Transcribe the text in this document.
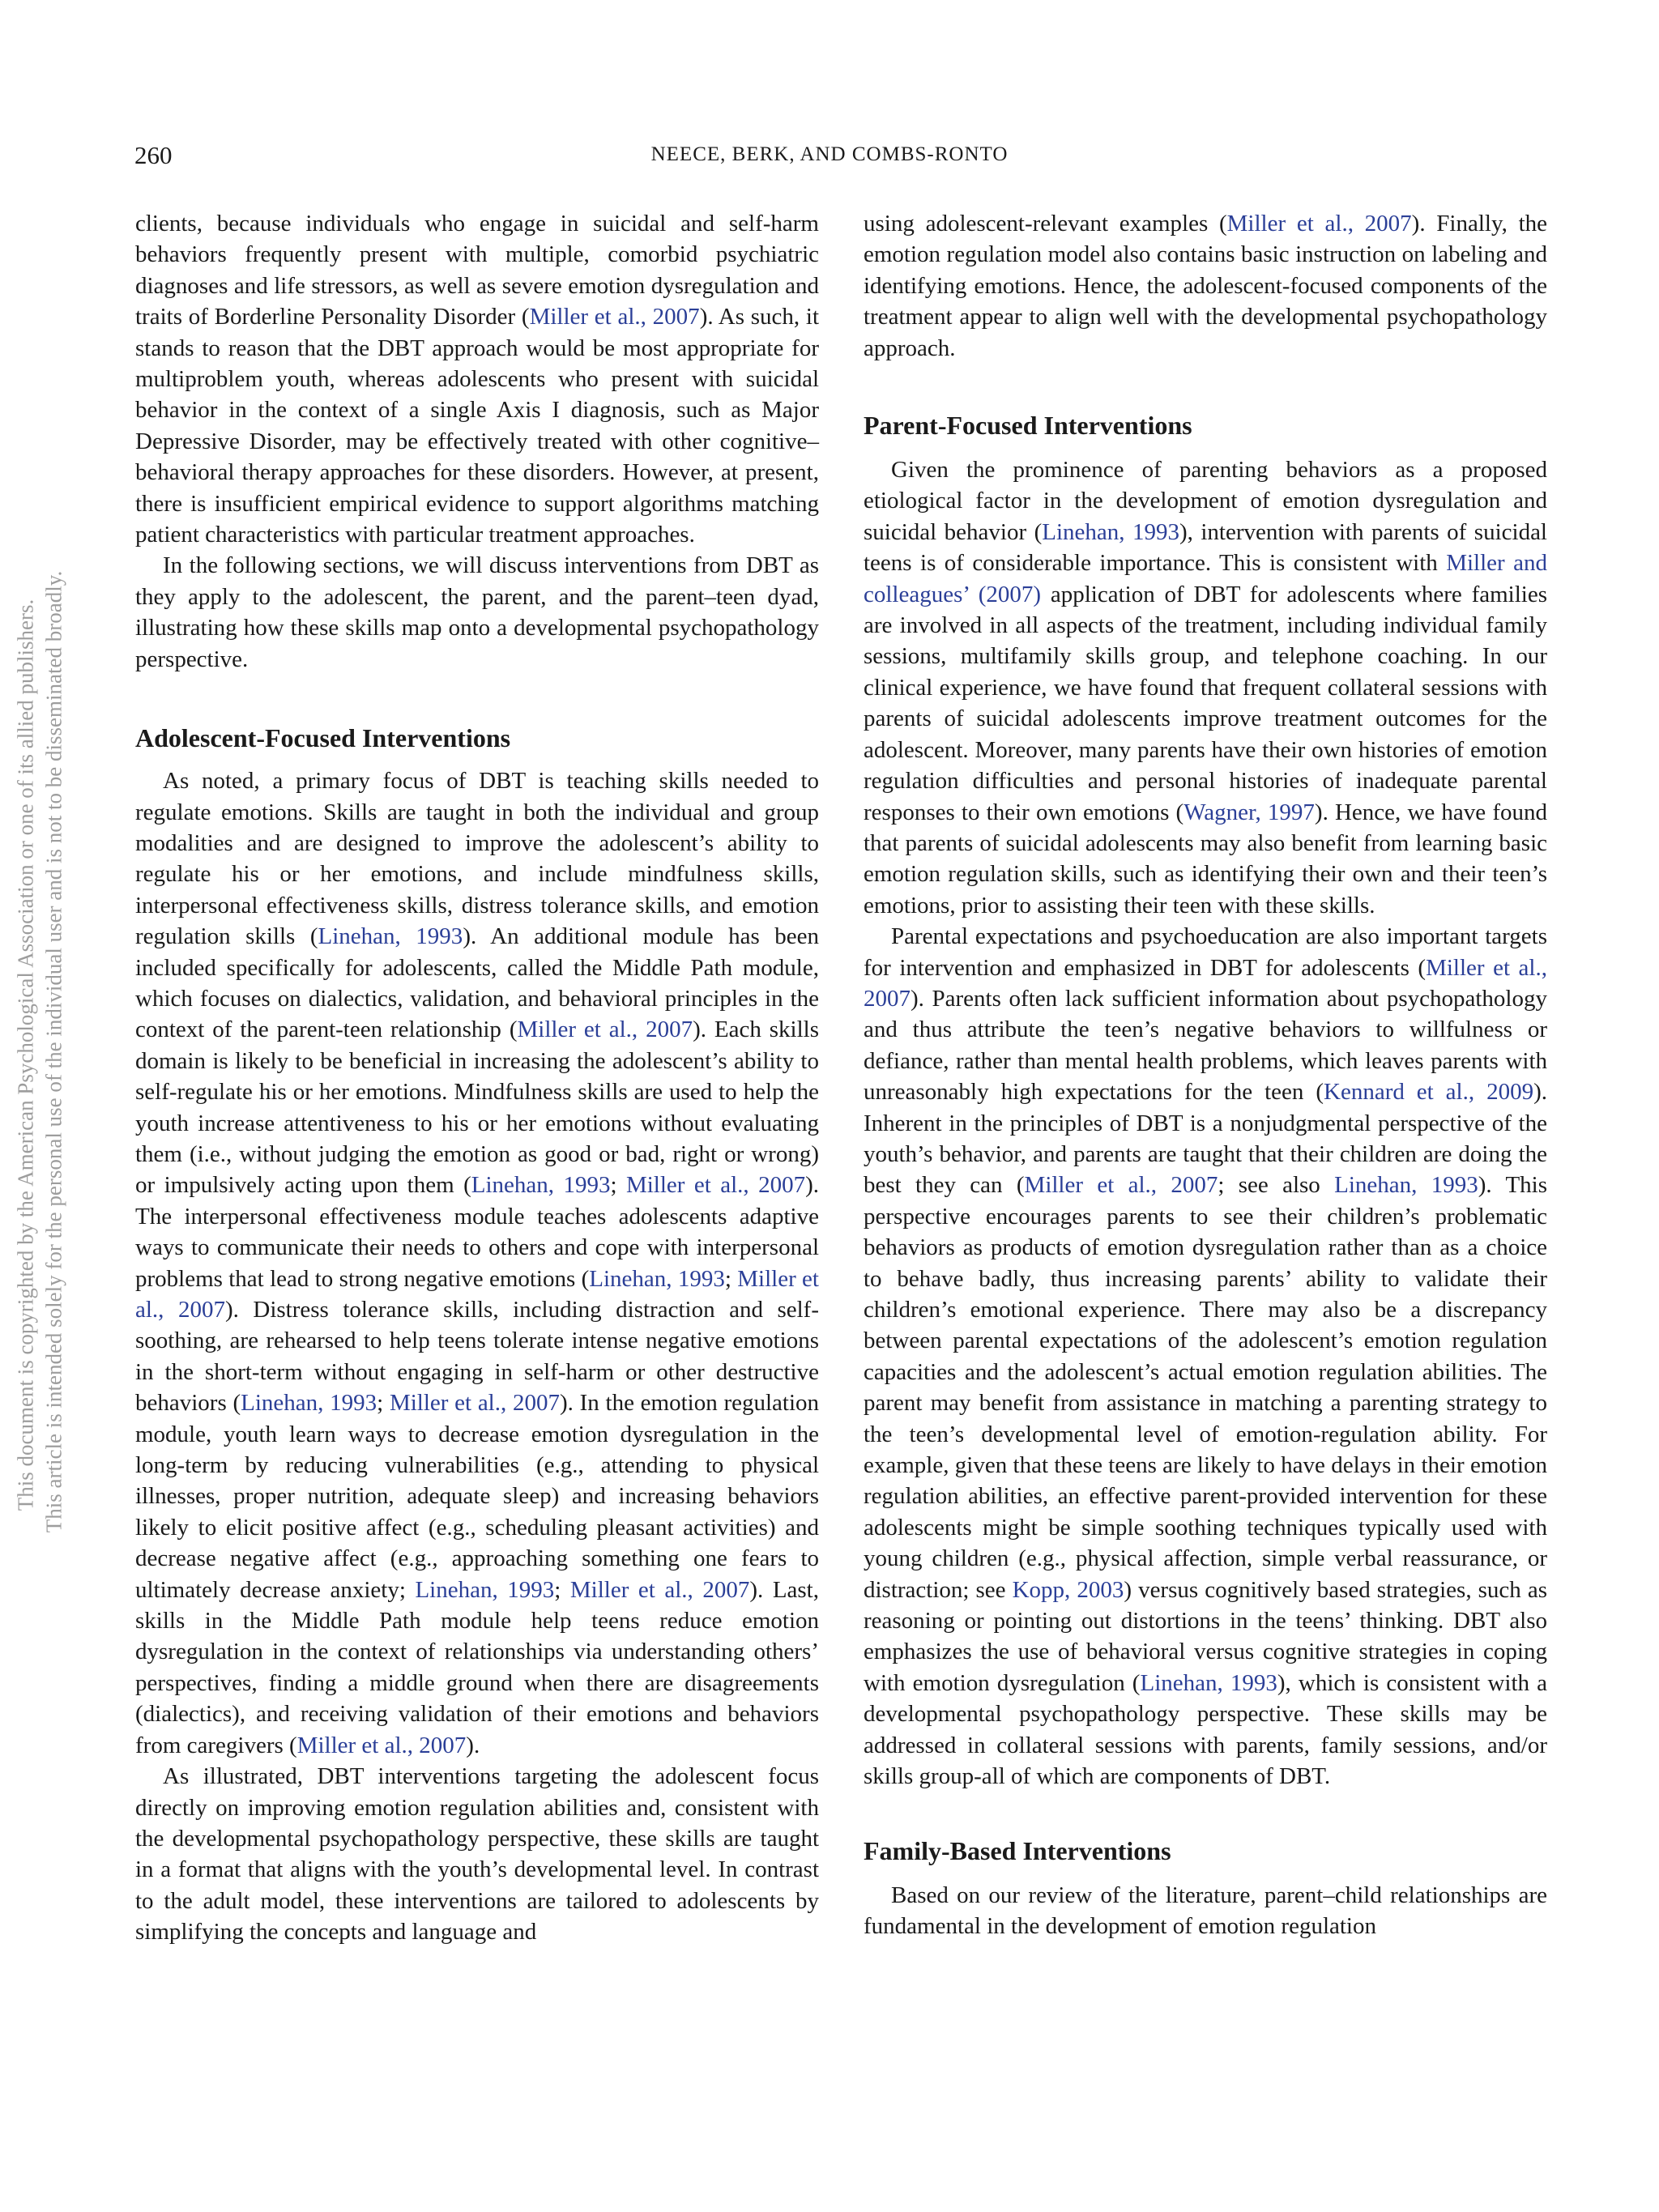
260	NEECE, BERK, AND COMBS-RONTO
This document is copyrighted by the American Psychological Association or one of its allied publishers. This article is intended solely for the personal use of the individual user and is not to be disseminated broadly.

clients, because individuals who engage in suicidal and self-harm behaviors frequently present with multiple, comorbid psychiatric diagnoses and life stressors, as well as severe emotion dysregulation and traits of Borderline Personality Disorder (Miller et al., 2007). As such, it stands to reason that the DBT approach would be most appropriate for multiproblem youth, whereas adolescents who present with suicidal behavior in the context of a single Axis I diagnosis, such as Major Depressive Disorder, may be effectively treated with other cognitive–behavioral therapy approaches for these disorders. However, at present, there is insufficient empirical evidence to support algorithms matching patient characteristics with particular treatment approaches.

In the following sections, we will discuss interventions from DBT as they apply to the adolescent, the parent, and the parent–teen dyad, illustrating how these skills map onto a developmental psychopathology perspective.

Adolescent-Focused Interventions

As noted, a primary focus of DBT is teaching skills needed to regulate emotions. Skills are taught in both the individual and group modalities and are designed to improve the adolescent’s ability to regulate his or her emotions, and include mindfulness skills, interpersonal effectiveness skills, distress tolerance skills, and emotion regulation skills (Linehan, 1993). An additional module has been included specifically for adolescents, called the Middle Path module, which focuses on dialectics, validation, and behavioral principles in the context of the parent-teen relationship (Miller et al., 2007). Each skills domain is likely to be beneficial in increasing the adolescent’s ability to self-regulate his or her emotions. Mindfulness skills are used to help the youth increase attentiveness to his or her emotions without evaluating them (i.e., without judging the emotion as good or bad, right or wrong) or impulsively acting upon them (Linehan, 1993; Miller et al., 2007). The interpersonal effectiveness module teaches adolescents adaptive ways to communicate their needs to others and cope with interpersonal problems that lead to strong negative emotions (Linehan, 1993; Miller et al., 2007). Distress tolerance skills, including distraction and self-soothing, are rehearsed to help teens tolerate intense negative emotions in the short-term without engaging in self-harm or other destructive behaviors (Linehan, 1993; Miller et al., 2007). In the emotion regulation module, youth learn ways to decrease emotion dysregulation in the long-term by reducing vulnerabilities (e.g., attending to physical illnesses, proper nutrition, adequate sleep) and increasing behaviors likely to elicit positive affect (e.g., scheduling pleasant activities) and decrease negative affect (e.g., approaching something one fears to ultimately decrease anxiety; Linehan, 1993; Miller et al., 2007). Last, skills in the Middle Path module help teens reduce emotion dysregulation in the context of relationships via understanding others’ perspectives, finding a middle ground when there are disagreements (dialectics), and receiving validation of their emotions and behaviors from caregivers (Miller et al., 2007).

As illustrated, DBT interventions targeting the adolescent focus directly on improving emotion regulation abilities and, consistent with the developmental psychopathology perspective, these skills are taught in a format that aligns with the youth’s developmental level. In contrast to the adult model, these interventions are tailored to adolescents by simplifying the concepts and language and

using adolescent-relevant examples (Miller et al., 2007). Finally, the emotion regulation model also contains basic instruction on labeling and identifying emotions. Hence, the adolescent-focused components of the treatment appear to align well with the developmental psychopathology approach.

Parent-Focused Interventions

Given the prominence of parenting behaviors as a proposed etiological factor in the development of emotion dysregulation and suicidal behavior (Linehan, 1993), intervention with parents of suicidal teens is of considerable importance. This is consistent with Miller and colleagues’ (2007) application of DBT for adolescents where families are involved in all aspects of the treatment, including individual family sessions, multifamily skills group, and telephone coaching. In our clinical experience, we have found that frequent collateral sessions with parents of suicidal adolescents improve treatment outcomes for the adolescent. Moreover, many parents have their own histories of emotion regulation difficulties and personal histories of inadequate parental responses to their own emotions (Wagner, 1997). Hence, we have found that parents of suicidal adolescents may also benefit from learning basic emotion regulation skills, such as identifying their own and their teen’s emotions, prior to assisting their teen with these skills.

Parental expectations and psychoeducation are also important targets for intervention and emphasized in DBT for adolescents (Miller et al., 2007). Parents often lack sufficient information about psychopathology and thus attribute the teen’s negative behaviors to willfulness or defiance, rather than mental health problems, which leaves parents with unreasonably high expectations for the teen (Kennard et al., 2009). Inherent in the principles of DBT is a nonjudgmental perspective of the youth’s behavior, and parents are taught that their children are doing the best they can (Miller et al., 2007; see also Linehan, 1993). This perspective encourages parents to see their children’s problematic behaviors as products of emotion dysregulation rather than as a choice to behave badly, thus increasing parents’ ability to validate their children’s emotional experience. There may also be a discrepancy between parental expectations of the adolescent’s emotion regulation capacities and the adolescent’s actual emotion regulation abilities. The parent may benefit from assistance in matching a parenting strategy to the teen’s developmental level of emotion-regulation ability. For example, given that these teens are likely to have delays in their emotion regulation abilities, an effective parent-provided intervention for these adolescents might be simple soothing techniques typically used with young children (e.g., physical affection, simple verbal reassurance, or distraction; see Kopp, 2003) versus cognitively based strategies, such as reasoning or pointing out distortions in the teens’ thinking. DBT also emphasizes the use of behavioral versus cognitive strategies in coping with emotion dysregulation (Linehan, 1993), which is consistent with a developmental psychopathology perspective. These skills may be addressed in collateral sessions with parents, family sessions, and/or skills group-all of which are components of DBT.

Family-Based Interventions

Based on our review of the literature, parent–child relationships are fundamental in the development of emotion regulation
